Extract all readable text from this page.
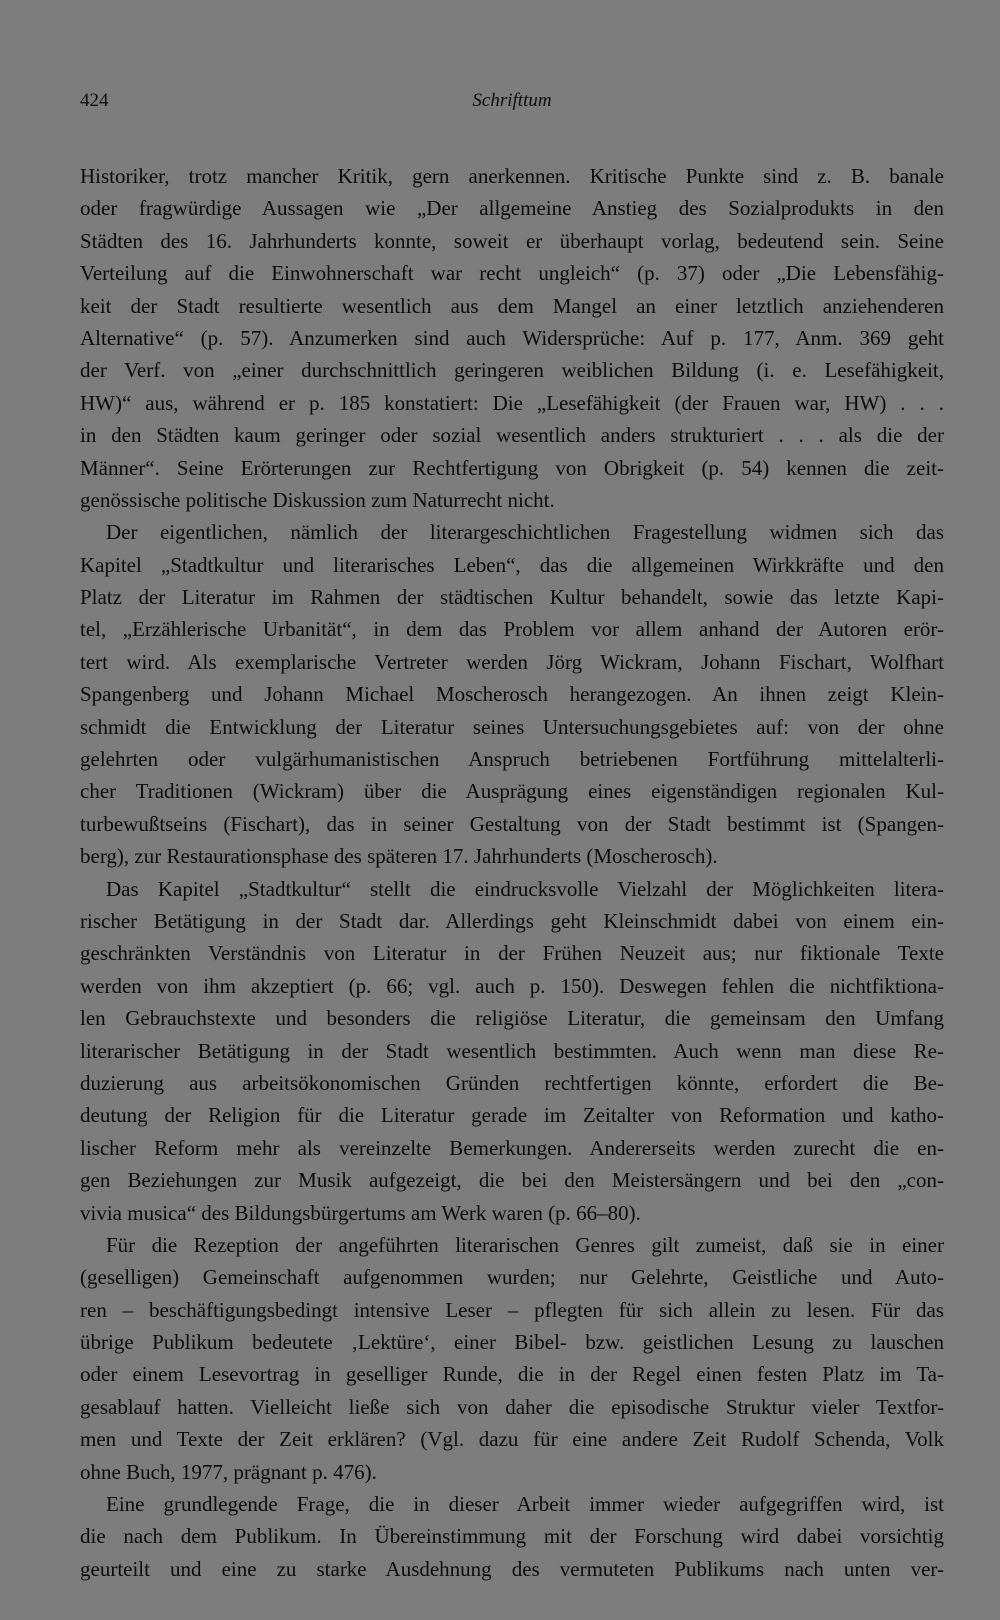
424	Schrifttum
Historiker, trotz mancher Kritik, gern anerkennen. Kritische Punkte sind z. B. banale
oder fragwürdige Aussagen wie „Der allgemeine Anstieg des Sozialprodukts in den
Städten des 16. Jahrhunderts konnte, soweit er überhaupt vorlag, bedeutend sein. Seine
Verteilung auf die Einwohnerschaft war recht ungleich“ (p. 37) oder „Die Lebensfähig-
keit der Stadt resultierte wesentlich aus dem Mangel an einer letztlich anziehenderen
Alternative“ (p. 57). Anzumerken sind auch Widersprüche: Auf p. 177, Anm. 369 geht
der Verf. von „einer durchschnittlich geringeren weiblichen Bildung (i. e. Lesefähigkeit,
HW)“ aus, während er p. 185 konstatiert: Die „Lesefähigkeit (der Frauen war, HW) . . .
in den Städten kaum geringer oder sozial wesentlich anders strukturiert . . . als die der
Männer“. Seine Erörterungen zur Rechtfertigung von Obrigkeit (p. 54) kennen die zeit-
genössische politische Diskussion zum Naturrecht nicht.
Der eigentlichen, nämlich der literargeschichtlichen Fragestellung widmen sich das
Kapitel „Stadtkultur und literarisches Leben“, das die allgemeinen Wirkkräfte und den
Platz der Literatur im Rahmen der städtischen Kultur behandelt, sowie das letzte Kapi-
tel, „Erzählerische Urbanität“, in dem das Problem vor allem anhand der Autoren erör-
tert wird. Als exemplarische Vertreter werden Jörg Wickram, Johann Fischart, Wolfhart
Spangenberg und Johann Michael Moscherosch herangezogen. An ihnen zeigt Klein-
schmidt die Entwicklung der Literatur seines Untersuchungsgebietes auf: von der ohne
gelehrten oder vulgärhumanistischen Anspruch betriebenen Fortführung mittelalterli-
cher Traditionen (Wickram) über die Ausprägung eines eigenständigen regionalen Kul-
turbewußtseins (Fischart), das in seiner Gestaltung von der Stadt bestimmt ist (Spangen-
berg), zur Restaurationsphase des späteren 17. Jahrhunderts (Moscherosch).
Das Kapitel „Stadtkultur“ stellt die eindrucksvolle Vielzahl der Möglichkeiten litera-
rischer Betätigung in der Stadt dar. Allerdings geht Kleinschmidt dabei von einem ein-
geschränkten Verständnis von Literatur in der Frühen Neuzeit aus; nur fiktionale Texte
werden von ihm akzeptiert (p. 66; vgl. auch p. 150). Deswegen fehlen die nichtfiktiona-
len Gebrauchstexte und besonders die religiöse Literatur, die gemeinsam den Umfang
literarischer Betätigung in der Stadt wesentlich bestimmten. Auch wenn man diese Re-
duzierung aus arbeitsökonomischen Gründen rechtfertigen könnte, erfordert die Be-
deutung der Religion für die Literatur gerade im Zeitalter von Reformation und katho-
lischer Reform mehr als vereinzelte Bemerkungen. Andererseits werden zurecht die en-
gen Beziehungen zur Musik aufgezeigt, die bei den Meistersängern und bei den „con-
vivia musica“ des Bildungsbürgertums am Werk waren (p. 66–80).
Für die Rezeption der angeführten literarischen Genres gilt zumeist, daß sie in einer
(geselligen) Gemeinschaft aufgenommen wurden; nur Gelehrte, Geistliche und Auto-
ren – beschäftigungsbedingt intensive Leser – pflegten für sich allein zu lesen. Für das
übrige Publikum bedeutete ‚Lektüre‘, einer Bibel- bzw. geistlichen Lesung zu lauschen
oder einem Lesevortrag in geselliger Runde, die in der Regel einen festen Platz im Ta-
gesablauf hatten. Vielleicht ließe sich von daher die episodische Struktur vieler Textfor-
men und Texte der Zeit erklären? (Vgl. dazu für eine andere Zeit Rudolf Schenda, Volk
ohne Buch, 1977, prägnant p. 476).
Eine grundlegende Frage, die in dieser Arbeit immer wieder aufgegriffen wird, ist
die nach dem Publikum. In Übereinstimmung mit der Forschung wird dabei vorsichtig
geurteilt und eine zu starke Ausdehnung des vermuteten Publikums nach unten ver-
